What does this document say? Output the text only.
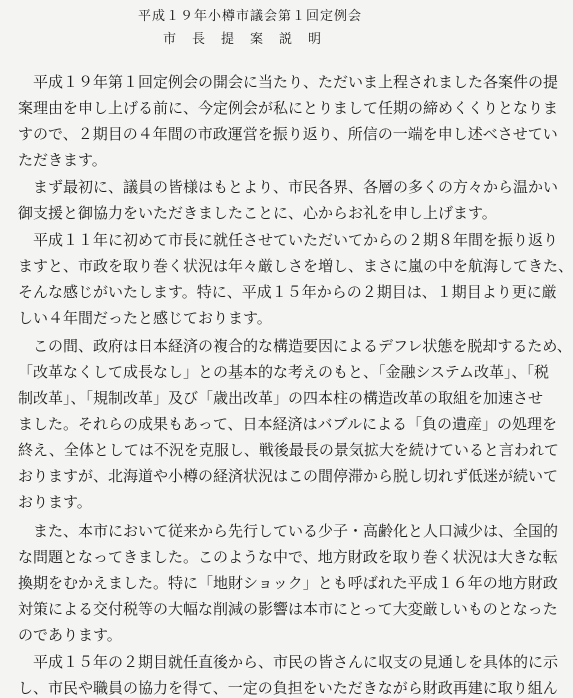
平成１９年小樽市議会第１回定例会
市長提案説明
平成１９年第１回定例会の開会に当たり、ただいま上程されました各案件の提
案理由を申し上げる前に、今定例会が私にとりまして任期の締めくくりとなりま
すので、２期目の４年間の市政運営を振り返り、所信の一端を申し述べさせてい
ただきます。
まず最初に、議員の皆様はもとより、市民各界、各層の多くの方々から温かい
御支援と御協力をいただきましたことに、心からお礼を申し上げます。
平成１１年に初めて市長に就任させていただいてからの２期８年間を振り返り
ますと、市政を取り巻く状況は年々厳しさを増し、まさに嵐の中を航海してきた、
そんな感じがいたします。特に、平成１５年からの２期目は、１期目より更に厳
しい４年間だったと感じております。
この間、政府は日本経済の複合的な構造要因によるデフレ状態を脱却するため、
「改革なくして成長なし」との基本的な考えのもと、「金融システム改革」、「税
制改革」、「規制改革」及び「歳出改革」の四本柱の構造改革の取組を加速させ
ました。それらの成果もあって、日本経済はバブルによる「負の遺産」の処理を
終え、全体としては不況を克服し、戦後最長の景気拡大を続けていると言われて
おりますが、北海道や小樽の経済状況はこの間停滞から脱し切れず低迷が続いて
おります。
また、本市において従来から先行している少子・高齢化と人口減少は、全国的
な問題となってきました。このような中で、地方財政を取り巻く状況は大きな転
換期をむかえました。特に「地財ショック」とも呼ばれた平成１６年の地方財政
対策による交付税等の大幅な削減の影響は本市にとって大変厳しいものとなった
のであります。
平成１５年の２期目就任直後から、市民の皆さんに収支の見通しを具体的に示
し、市民や職員の協力を得て、一定の負担をいただきながら財政再建に取り組ん
